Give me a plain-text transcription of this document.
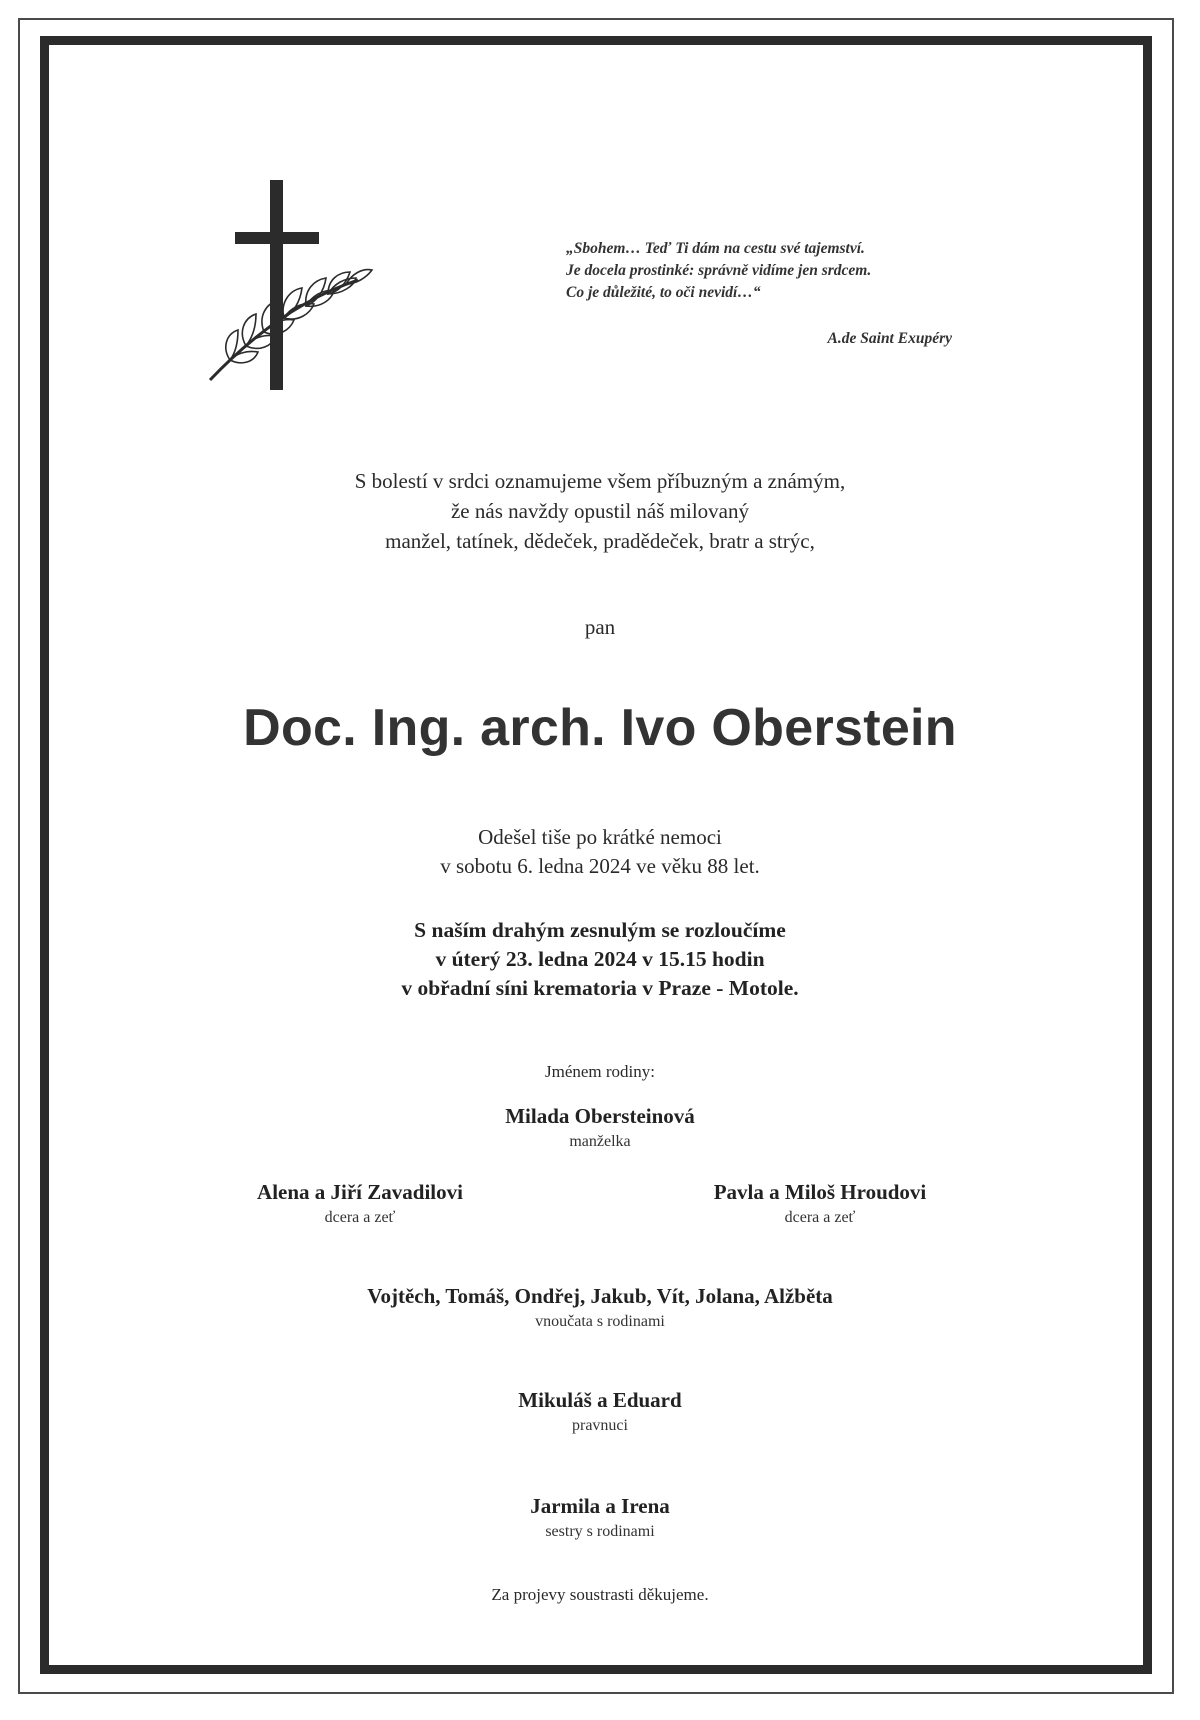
„Sbohem… Teď Ti dám na cestu své tajemství.
Je docela prostinké: správně vidíme jen srdcem.
Co je důležité, to oči nevidí…“
A.de Saint Exupéry
S bolestí v srdci oznamujeme všem příbuzným a známým,
že nás navždy opustil náš milovaný
manžel, tatínek, dědeček, pradědeček, bratr a strýc,
pan
Doc. Ing. arch. Ivo Oberstein
Odešel tiše po krátké nemoci
v sobotu 6. ledna 2024 ve věku 88 let.
S naším drahým zesnulým se rozloučíme
v úterý 23. ledna 2024 v 15.15 hodin
v obřadní síni krematoria v Praze - Motole.
Jménem rodiny:
Milada Obersteinová
manželka
Alena a Jiří Zavadilovi
dcera a zeť
Pavla a Miloš Hroudovi
dcera a zeť
Vojtěch, Tomáš, Ondřej, Jakub, Vít, Jolana, Alžběta
vnoučata s rodinami
Mikuláš a Eduard
pravnuci
Jarmila a Irena
sestry s rodinami
Za projevy soustrasti děkujeme.
